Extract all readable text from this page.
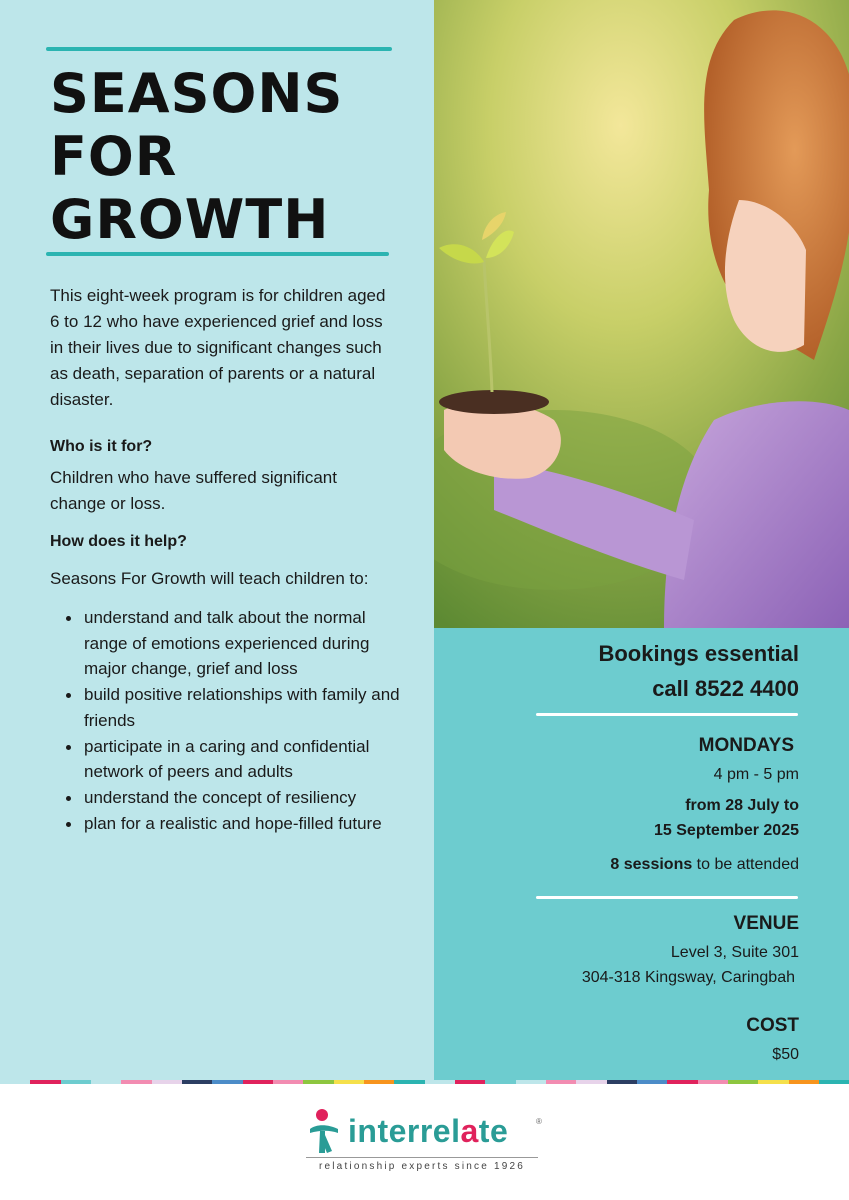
SEASONS
FOR
GROWTH

This eight-week program is for children aged 6 to 12 who have experienced grief and loss in their lives due to significant changes such as death, separation of parents or a natural disaster.

Who is it for?

Children who have suffered significant change or loss.

How does it help?

Seasons For Growth will teach children to:

understand and talk about the normal range of emotions experienced during major change, grief and loss
build positive relationships with family and friends
participate in a caring and confidential network of peers and adults
understand the concept of resiliency
plan for a realistic and hope-filled future
Bookings essential
call 8522 4400
MONDAYS
4 pm - 5 pm
from 28 July to
15 September 2025
8 sessions to be attended
VENUE
Level 3, Suite 301
304-318 Kingsway, Caringbah
COST
$50
interrelate	®
relationship experts since 1926
